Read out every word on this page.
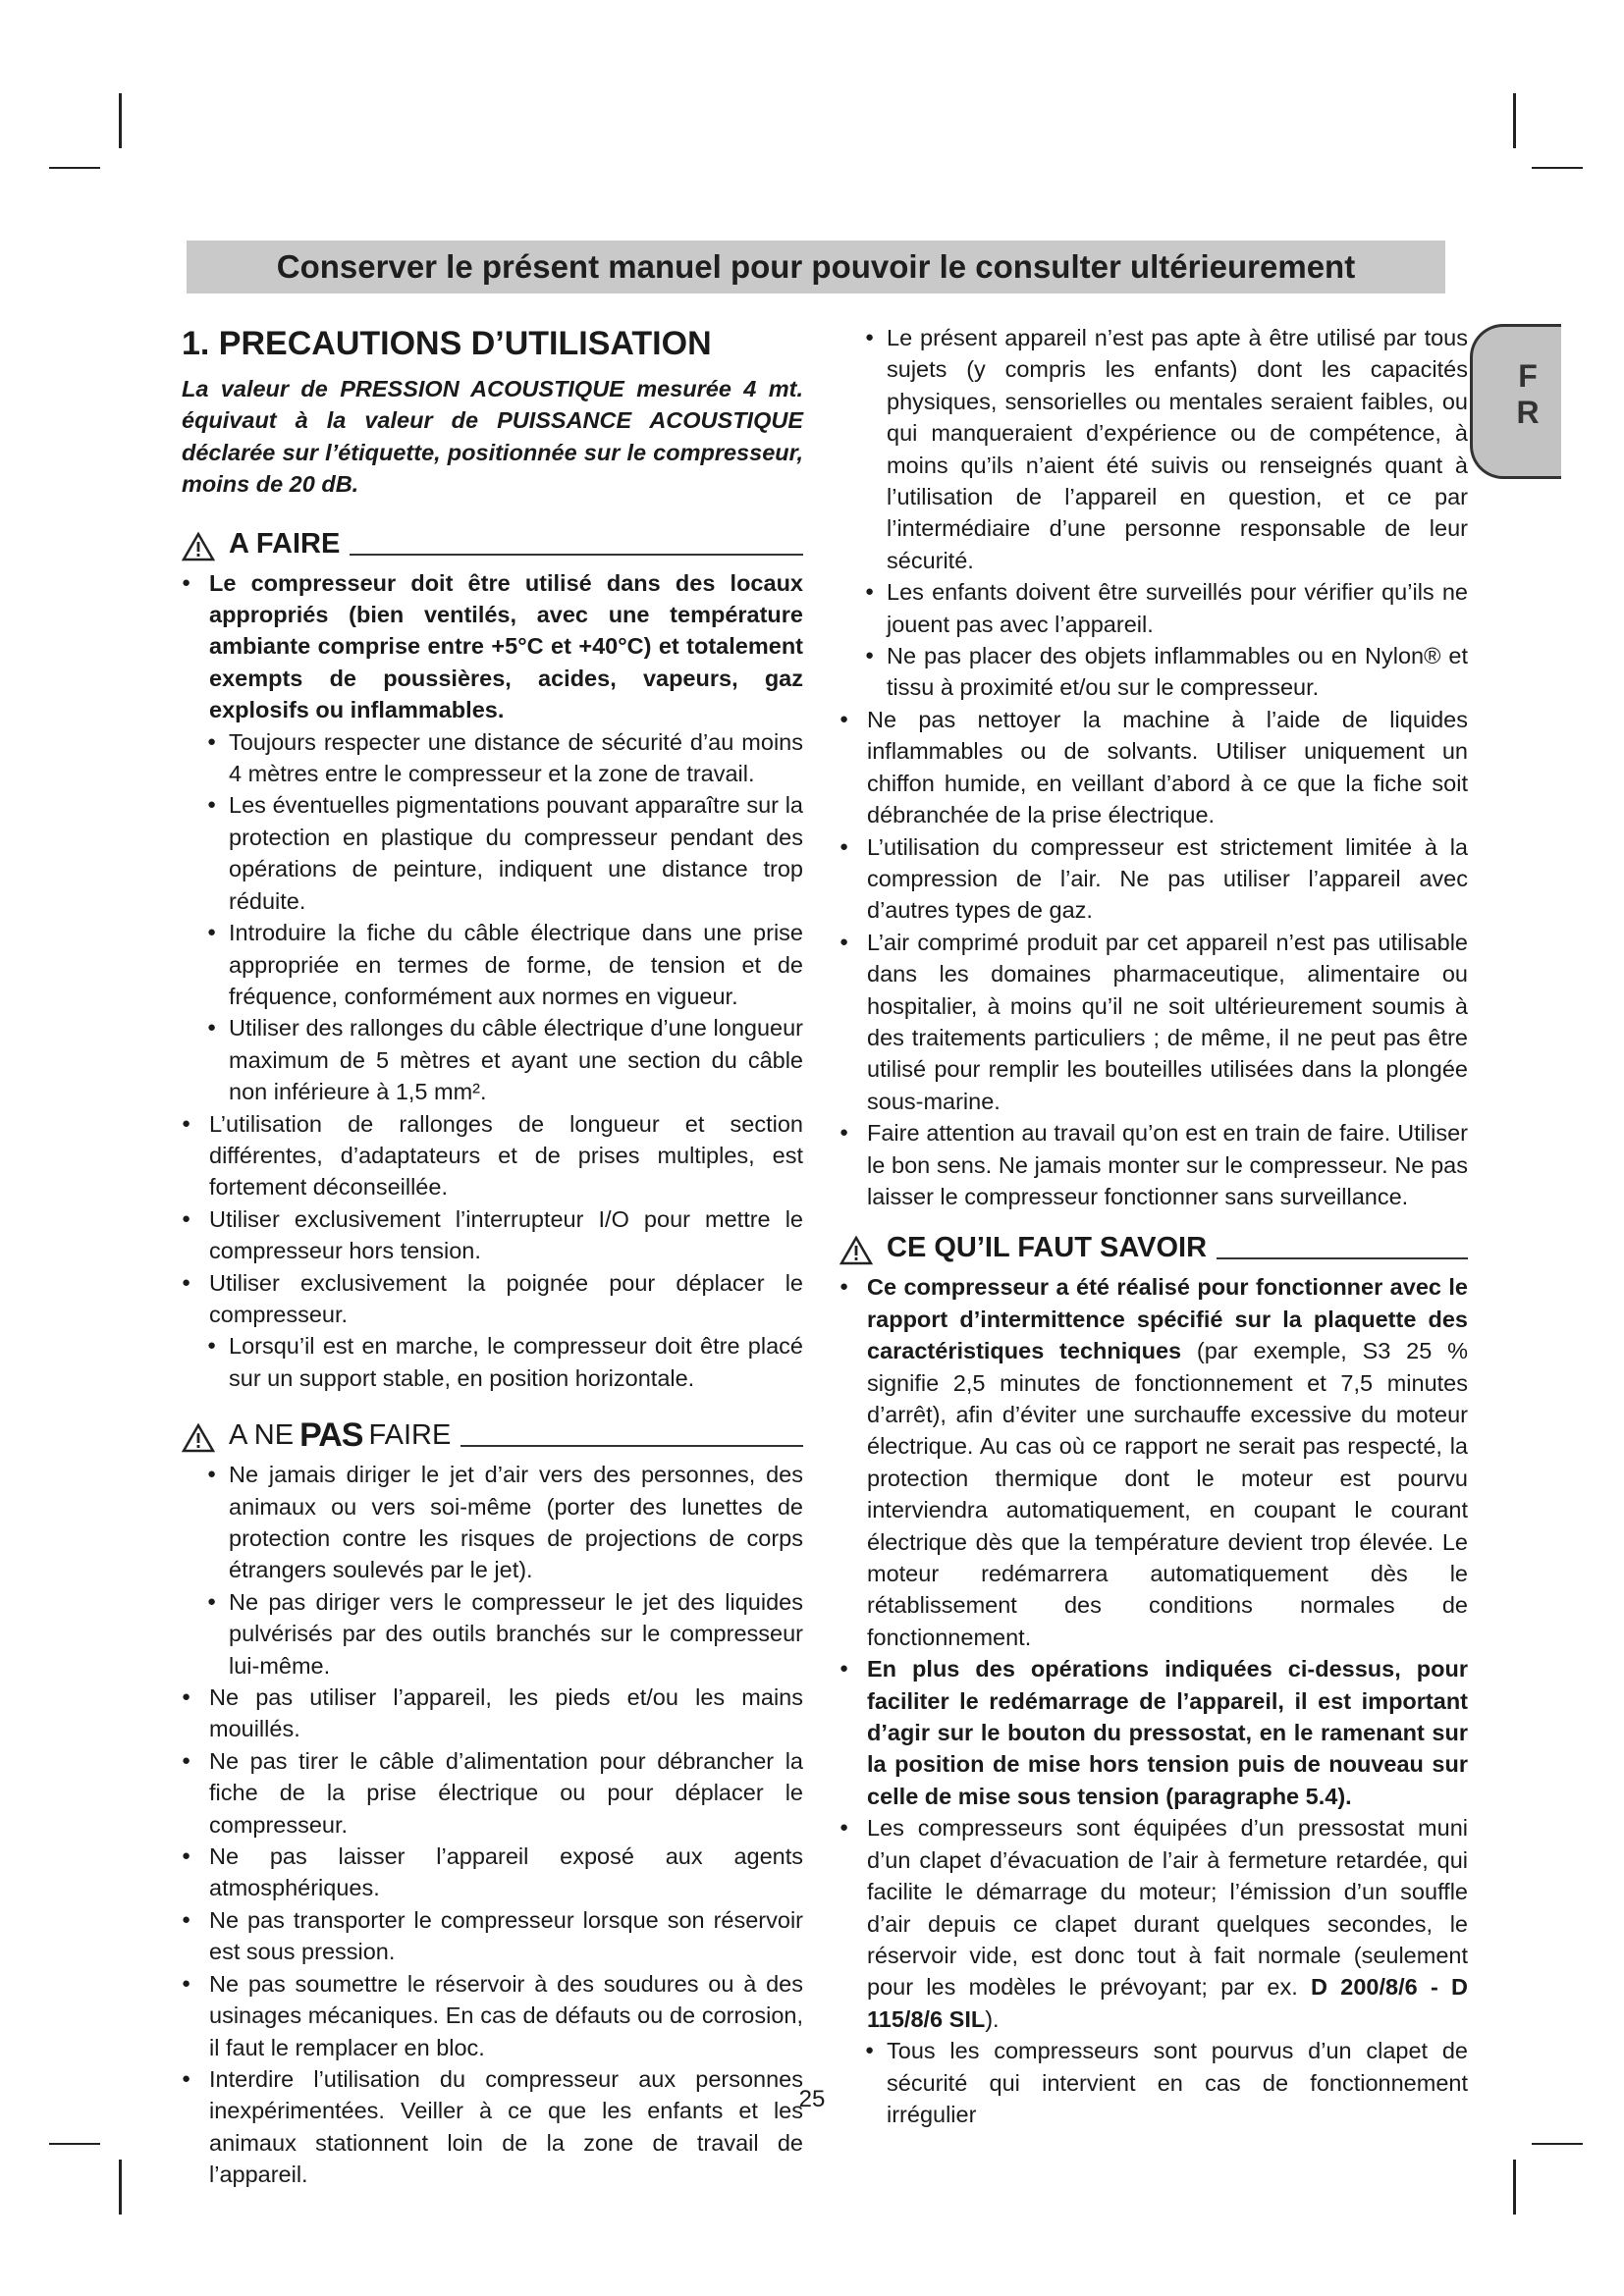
Conserver le présent manuel pour pouvoir le consulter ultérieurement
F
R
1. PRECAUTIONS D’UTILISATION

La valeur de PRESSION ACOUSTIQUE mesurée 4 mt. équivaut à la valeur de PUISSANCE ACOUSTIQUE déclarée sur l’étiquette, positionnée sur le compresseur, moins de 20 dB.

A FAIRE
● Le compresseur doit être utilisé dans des locaux appropriés (bien ventilés, avec une température ambiante comprise entre +5°C et +40°C) et totalement exempts de poussières, acides, vapeurs, gaz explosifs ou inflammables.
● Toujours respecter une distance de sécurité d’au moins 4 mètres entre le compresseur et la zone de travail.
● Les éventuelles pigmentations pouvant apparaître sur la protection en plastique du compresseur pendant des opérations de peinture, indiquent une distance trop réduite.
● Introduire la fiche du câble électrique dans une prise appropriée en termes de forme, de tension et de fréquence, conformément aux normes en vigueur.
● Utiliser des rallonges du câble électrique d’une longueur maximum de 5 mètres et ayant une section du câble non inférieure à 1,5 mm².
● L’utilisation de rallonges de longueur et section différentes, d’adaptateurs et de prises multiples, est fortement déconseillée.
● Utiliser exclusivement l’interrupteur I/O pour mettre le compresseur hors tension.
● Utiliser exclusivement la poignée pour déplacer le compresseur.
● Lorsqu’il est en marche, le compresseur doit être placé sur un support stable, en position horizontale.
A NE PAS FAIRE
● Ne jamais diriger le jet d’air vers des personnes, des animaux ou vers soi-même (porter des lunettes de protection contre les risques de projections de corps étrangers soulevés par le jet).
● Ne pas diriger vers le compresseur le jet des liquides pulvérisés par des outils branchés sur le compresseur lui-même.
● Ne pas utiliser l’appareil, les pieds et/ou les mains mouillés.
● Ne pas tirer le câble d’alimentation pour débrancher la fiche de la prise électrique ou pour déplacer le compresseur.
● Ne pas laisser l’appareil exposé aux agents atmosphériques.
● Ne pas transporter le compresseur lorsque son réservoir est sous pression.
● Ne pas soumettre le réservoir à des soudures ou à des usinages mécaniques. En cas de défauts ou de corrosion, il faut le remplacer en bloc.
● Interdire l’utilisation du compresseur aux personnes inexpérimentées. Veiller à ce que les enfants et les animaux stationnent loin de la zone de travail de l’appareil.
● Le présent appareil n’est pas apte à être utilisé par tous sujets (y compris les enfants) dont les capacités physiques, sensorielles ou mentales seraient faibles, ou qui manqueraient d’expérience ou de compétence, à moins qu’ils n’aient été suivis ou renseignés quant à l’utilisation de l’appareil en question, et ce par l’intermédiaire d’une personne responsable de leur sécurité.
● Les enfants doivent être surveillés pour vérifier qu’ils ne jouent pas avec l’appareil.
● Ne pas placer des objets inflammables ou en Nylon® et tissu à proximité et/ou sur le compresseur.
● Ne pas nettoyer la machine à l’aide de liquides inflammables ou de solvants. Utiliser uniquement un chiffon humide, en veillant d’abord à ce que la fiche soit débranchée de la prise électrique.
● L’utilisation du compresseur est strictement limitée à la compression de l’air. Ne pas utiliser l’appareil avec d’autres types de gaz.
● L’air comprimé produit par cet appareil n’est pas utilisable dans les domaines pharmaceutique, alimentaire ou hospitalier, à moins qu’il ne soit ultérieurement soumis à des traitements particuliers ; de même, il ne peut pas être utilisé pour remplir les bouteilles utilisées dans la plongée sous-marine.
● Faire attention au travail qu’on est en train de faire. Utiliser le bon sens. Ne jamais monter sur le compresseur. Ne pas laisser le compresseur fonctionner sans surveillance.
CE QU’IL FAUT SAVOIR
● Ce compresseur a été réalisé pour fonctionner avec le rapport d’intermittence spécifié sur la plaquette des caractéristiques techniques (par exemple, S3 25 % signifie 2,5 minutes de fonctionnement et 7,5 minutes d’arrêt), afin d’éviter une surchauffe excessive du moteur électrique. Au cas où ce rapport ne serait pas respecté, la protection thermique dont le moteur est pourvu interviendra automatiquement, en coupant le courant électrique dès que la température devient trop élevée. Le moteur redémarrera automatiquement dès le rétablissement des conditions normales de fonctionnement.
● En plus des opérations indiquées ci-dessus, pour faciliter le redémarrage de l’appareil, il est important d’agir sur le bouton du pressostat, en le ramenant sur la position de mise hors tension puis de nouveau sur celle de mise sous tension (paragraphe 5.4).
● Les compresseurs sont équipées d’un pressostat muni d’un clapet d’évacuation de l’air à fermeture retardée, qui facilite le démarrage du moteur; l’émission d’un souffle d’air depuis ce clapet durant quelques secondes, le réservoir vide, est donc tout à fait normale (seulement pour les modèles le prévoyant; par ex. D 200/8/6 - D 115/8/6 SIL).
● Tous les compresseurs sont pourvus d’un clapet de sécurité qui intervient en cas de fonctionnement irrégulier
25
